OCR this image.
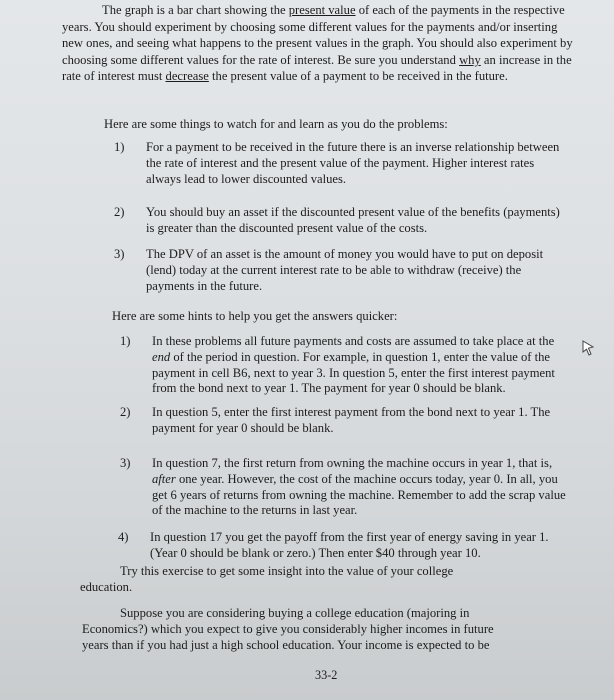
The graph is a bar chart showing the present value of each of the payments in the respective years. You should experiment by choosing some different values for the payments and/or inserting new ones, and seeing what happens to the present values in the graph. You should also experiment by choosing some different values for the rate of interest. Be sure you understand why an increase in the rate of interest must decrease the present value of a payment to be received in the future.

Here are some things to watch for and learn as you do the problems:

1)	For a payment to be received in the future there is an inverse relationship between the rate of interest and the present value of the payment. Higher interest rates always lead to lower discounted values.
2)	You should buy an asset if the discounted present value of the benefits (payments) is greater than the discounted present value of the costs.
3)	The DPV of an asset is the amount of money you would have to put on deposit (lend) today at the current interest rate to be able to withdraw (receive) the payments in the future.

Here are some hints to help you get the answers quicker:

1)	In these problems all future payments and costs are assumed to take place at the end of the period in question. For example, in question 1, enter the value of the payment in cell B6, next to year 3. In question 5, enter the first interest payment from the bond next to year 1. The payment for year 0 should be blank.
2)	In question 5, enter the first interest payment from the bond next to year 1. The payment for year 0 should be blank.
3)	In question 7, the first return from owning the machine occurs in year 1, that is, after one year. However, the cost of the machine occurs today, year 0. In all, you get 6 years of returns from owning the machine. Remember to add the scrap value of the machine to the returns in last year.
4)	In question 17 you get the payoff from the first year of energy saving in year 1. (Year 0 should be blank or zero.) Then enter $40 through year 10.

Try this exercise to get some insight into the value of your college education.

Suppose you are considering buying a college education (majoring in Economics?) which you expect to give you considerably higher incomes in future years than if you had just a high school education. Your income is expected to be

33-2
